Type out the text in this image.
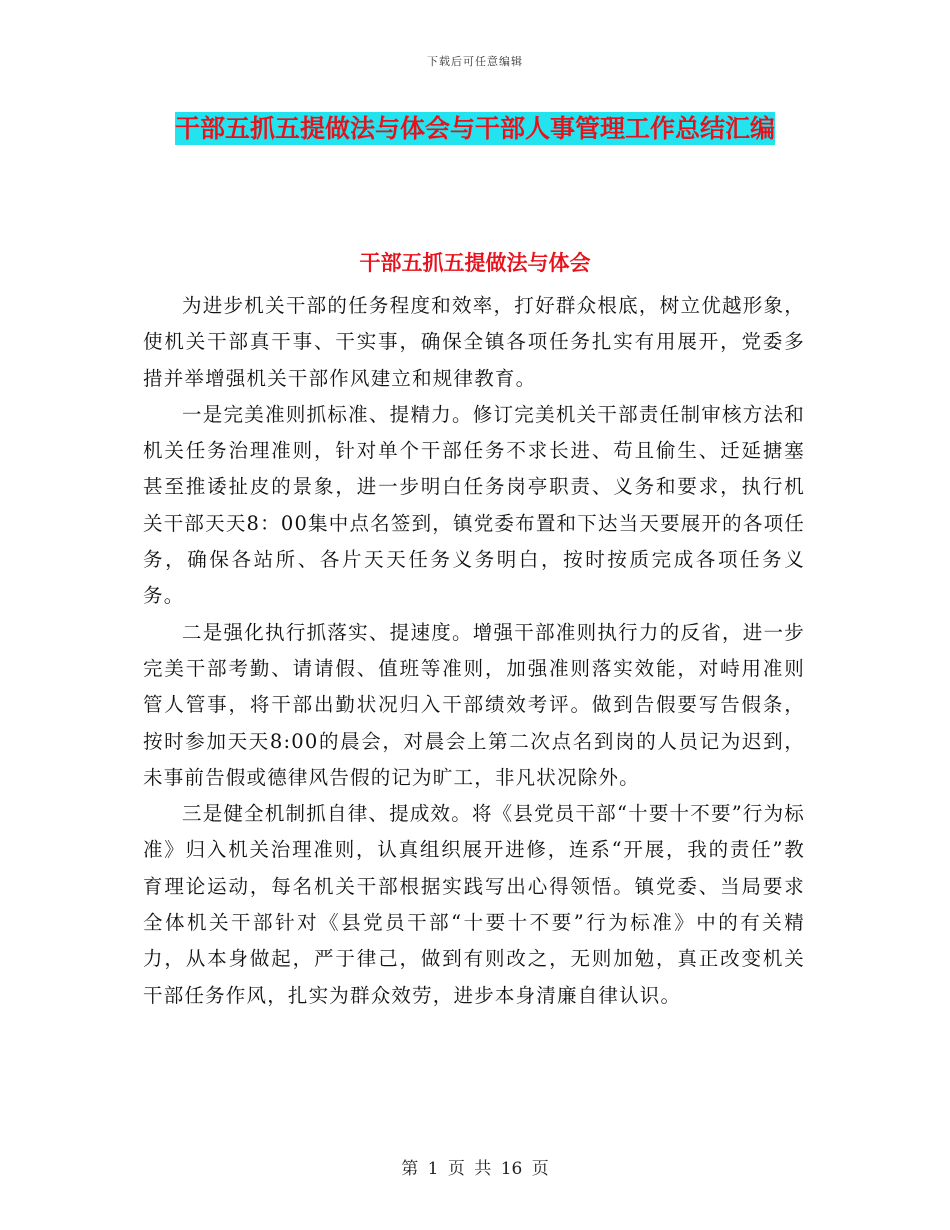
下载后可任意编辑
干部五抓五提做法与体会与干部人事管理工作总结汇编
干部五抓五提做法与体会

为进步机关干部的任务程度和效率，打好群众根底，树立优越形象，使机关干部真干事、干实事，确保全镇各项任务扎实有用展开，党委多措并举增强机关干部作风建立和规律教育。

一是完美准则抓标准、提精力。修订完美机关干部责任制审核方法和机关任务治理准则，针对单个干部任务不求长进、苟且偷生、迁延搪塞甚至推诿扯皮的景象，进一步明白任务岗亭职责、义务和要求，执行机关干部天天8：00集中点名签到，镇党委布置和下达当天要展开的各项任务，确保各站所、各片天天任务义务明白，按时按质完成各项任务义务。

二是强化执行抓落实、提速度。增强干部准则执行力的反省，进一步完美干部考勤、请请假、值班等准则，加强准则落实效能，对峙用准则管人管事，将干部出勤状况归入干部绩效考评。做到告假要写告假条，按时参加天天8:00的晨会，对晨会上第二次点名到岗的人员记为迟到，未事前告假或德律风告假的记为旷工，非凡状况除外。

三是健全机制抓自律、提成效。将《县党员干部“十要十不要”行为标准》归入机关治理准则，认真组织展开进修，连系“开展，我的责任”教育理论运动，每名机关干部根据实践写出心得领悟。镇党委、当局要求全体机关干部针对《县党员干部“十要十不要”行为标准》中的有关精力，从本身做起，严于律己，做到有则改之，无则加勉，真正改变机关干部任务作风，扎实为群众效劳，进步本身清廉自律认识。

第 1 页 共 16 页
